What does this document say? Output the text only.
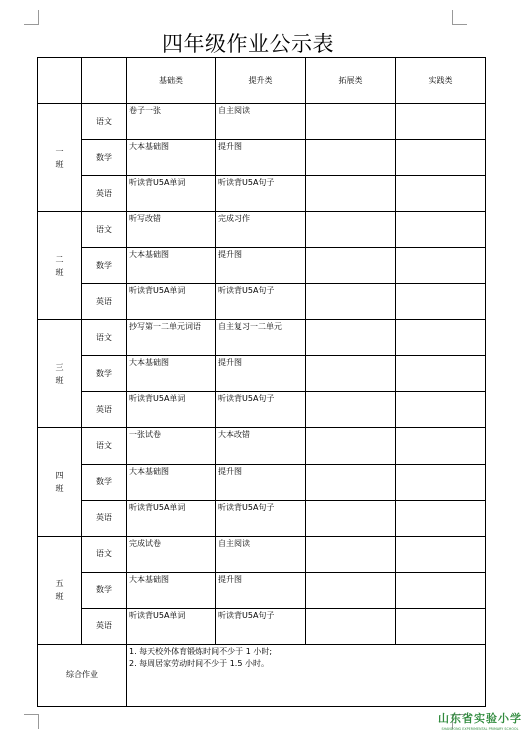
四年级作业公示表
		基础类	提升类	拓展类	实践类
一班	语文	卷子一张	自主阅读		
	数学	大本基础图	提升图		
	英语	听读背U5A单词	听读背U5A句子		
二班	语文	听写改错	完成习作		
	数学	大本基础图	提升图		
	英语	听读背U5A单词	听读背U5A句子		
三班	语文	抄写第一二单元词语	自主复习一二单元		
	数学	大本基础图	提升图		
	英语	听读背U5A单词	听读背U5A句子		
四班	语文	一张试卷	大本改错		
	数学	大本基础图	提升图		
	英语	听读背U5A单词	听读背U5A句子		
五班	语文	完成试卷	自主阅读		
	数学	大本基础图	提升图		
	英语	听读背U5A单词	听读背U5A句子		
综合作业		1. 每天校外体育锻炼时间不少于 1 小时;
2. 每周居家劳动时间不少于 1.5 小时。			
山东省实验小学
SHANDONG EXPERIMENTAL PRIMARY SCHOOL
